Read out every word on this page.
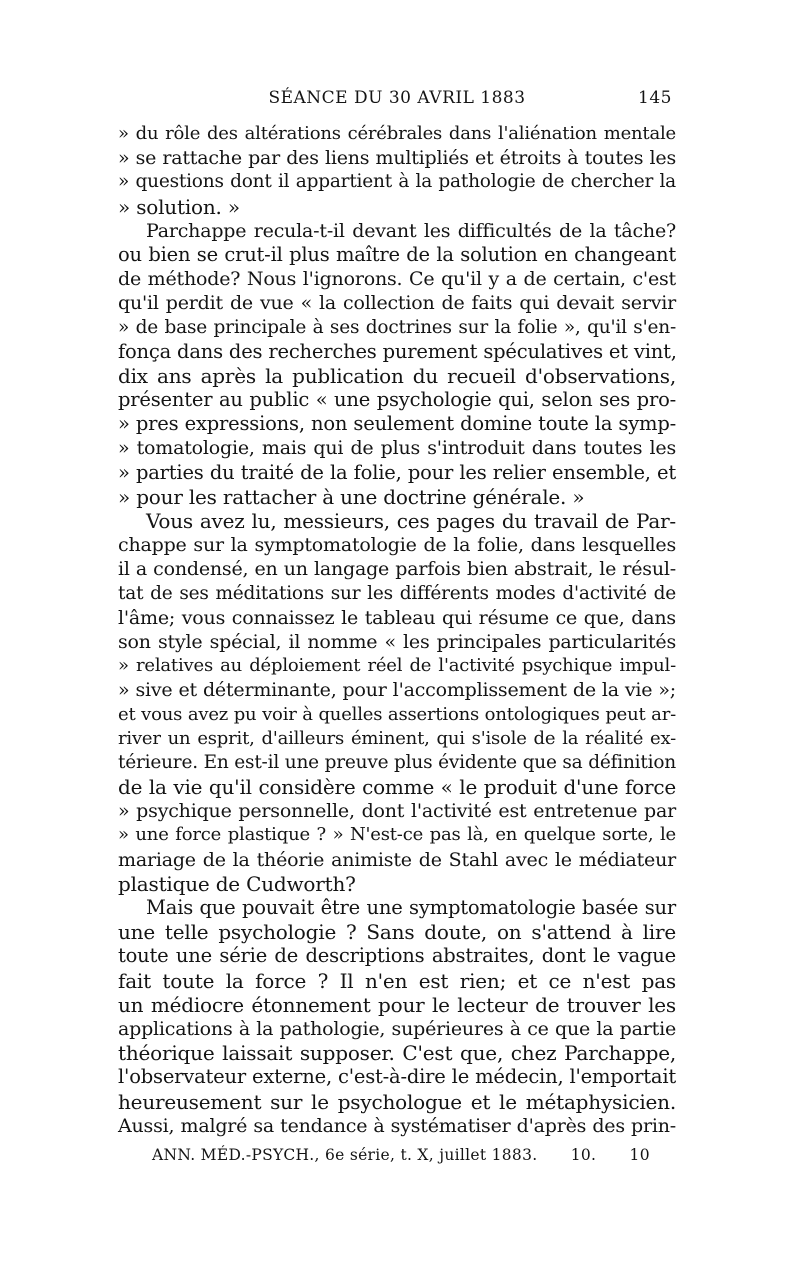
SÉANCE DU 30 AVRIL 1883	145
» du rôle des altérations cérébrales dans l'aliénation mentale
» se rattache par des liens multipliés et étroits à toutes les
» questions dont il appartient à la pathologie de chercher la
» solution. »
Parchappe recula-t-il devant les difficultés de la tâche?
ou bien se crut-il plus maître de la solution en changeant
de méthode? Nous l'ignorons. Ce qu'il y a de certain, c'est
qu'il perdit de vue « la collection de faits qui devait servir
» de base principale à ses doctrines sur la folie », qu'il s'en-
fonça dans des recherches purement spéculatives et vint,
dix ans après la publication du recueil d'observations,
présenter au public « une psychologie qui, selon ses pro-
» pres expressions, non seulement domine toute la symp-
» tomatologie, mais qui de plus s'introduit dans toutes les
» parties du traité de la folie, pour les relier ensemble, et
» pour les rattacher à une doctrine générale. »
Vous avez lu, messieurs, ces pages du travail de Par-
chappe sur la symptomatologie de la folie, dans lesquelles
il a condensé, en un langage parfois bien abstrait, le résul-
tat de ses méditations sur les différents modes d'activité de
l'âme; vous connaissez le tableau qui résume ce que, dans
son style spécial, il nomme « les principales particularités
» relatives au déploiement réel de l'activité psychique impul-
» sive et déterminante, pour l'accomplissement de la vie »;
et vous avez pu voir à quelles assertions ontologiques peut ar-
river un esprit, d'ailleurs éminent, qui s'isole de la réalité ex-
térieure. En est-il une preuve plus évidente que sa définition
de la vie qu'il considère comme « le produit d'une force
» psychique personnelle, dont l'activité est entretenue par
» une force plastique ? » N'est-ce pas là, en quelque sorte, le
mariage de la théorie animiste de Stahl avec le médiateur
plastique de Cudworth?
Mais que pouvait être une symptomatologie basée sur
une telle psychologie ? Sans doute, on s'attend à lire
toute une série de descriptions abstraites, dont le vague
fait toute la force ? Il n'en est rien; et ce n'est pas
un médiocre étonnement pour le lecteur de trouver les
applications à la pathologie, supérieures à ce que la partie
théorique laissait supposer. C'est que, chez Parchappe,
l'observateur externe, c'est-à-dire le médecin, l'emportait
heureusement sur le psychologue et le métaphysicien.
Aussi, malgré sa tendance à systématiser d'après des prin-
ANN. MÉD.-PSYCH., 6e série, t. X, juillet 1883. 10. 10
